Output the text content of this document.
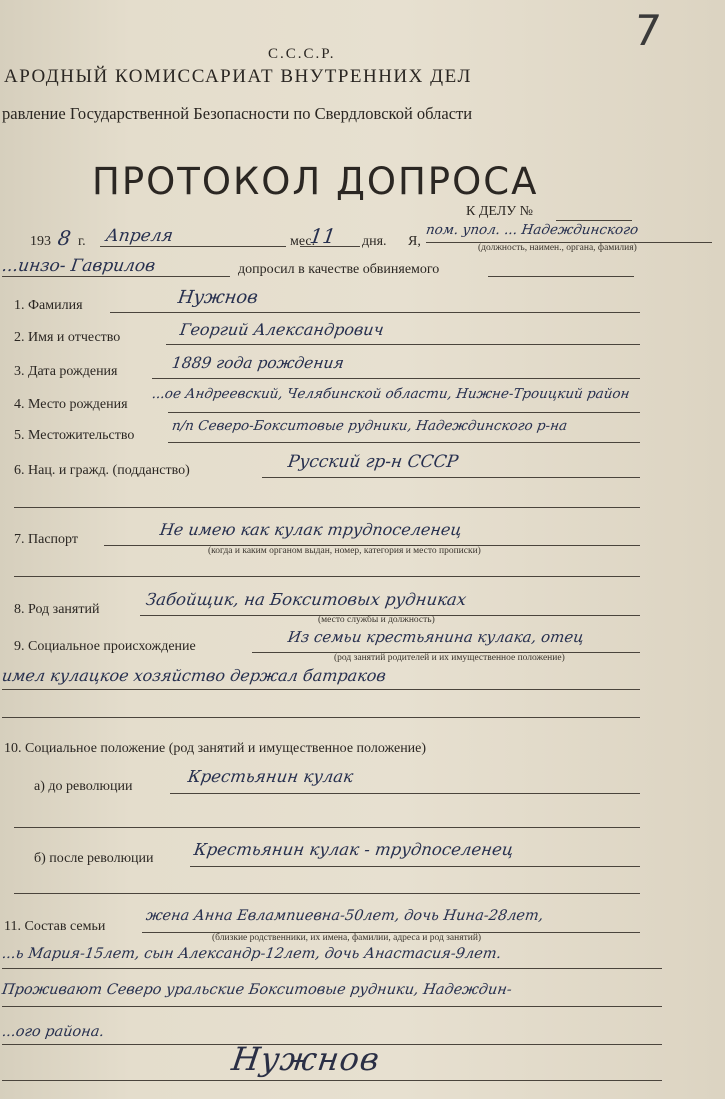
7
С.С.С.Р.
АРОДНЫЙ КОМИССАРИАТ ВНУТРЕННИХ ДЕЛ
равление Государственной Безопасности по Свердловской области
ПРОТОКОЛ ДОПРОСА
К ДЕЛУ №
193 8 г. Апреля	мес.
11 дня. Я,
пом. упол. ... Надеждинского
(должность, наимен., органа, фамилия)
...инзо- Гаврилов	допросил в качестве обвиняемого
1. Фамилия	Нужнов
2. Имя и отчество	Георгий Александрович
3. Дата рождения	1889 года рождения
4. Место рождения
...ое Андреевский, Челябинской области, Нижне-Троицкий район
5. Местожительство
п/п Северо-Бокситовые рудники, Надеждинского р-на
6. Нац. и гражд. (подданство)	Русский гр-н СССР
7. Паспорт
Не имею как кулак трудпоселенец
(когда и каким органом выдан, номер, категория и место прописки)
8. Род занятий
Забойщик, на Бокситовых рудниках
(место службы и должность)
9. Социальное происхождение
Из семьи крестьянина кулака, отец
(род занятий родителей и их имущественное положение)
имел кулацкое хозяйство держал батраков
10. Социальное положение (род занятий и имущественное положение)
а) до революции
Крестьянин кулак
б) после революции Крестьянин кулак - трудпоселенец
11. Состав семьи
жена Анна Евлампиевна-50лет, дочь Нина-28лет,
(близкие родственники, их имена, фамилии, адреса и род занятий)
...ь Мария-15лет, сын Александр-12лет, дочь Анастасия-9лет.
Проживают Северо уральские Бокситовые рудники, Надеждин-
...ого района.
Нужнов
